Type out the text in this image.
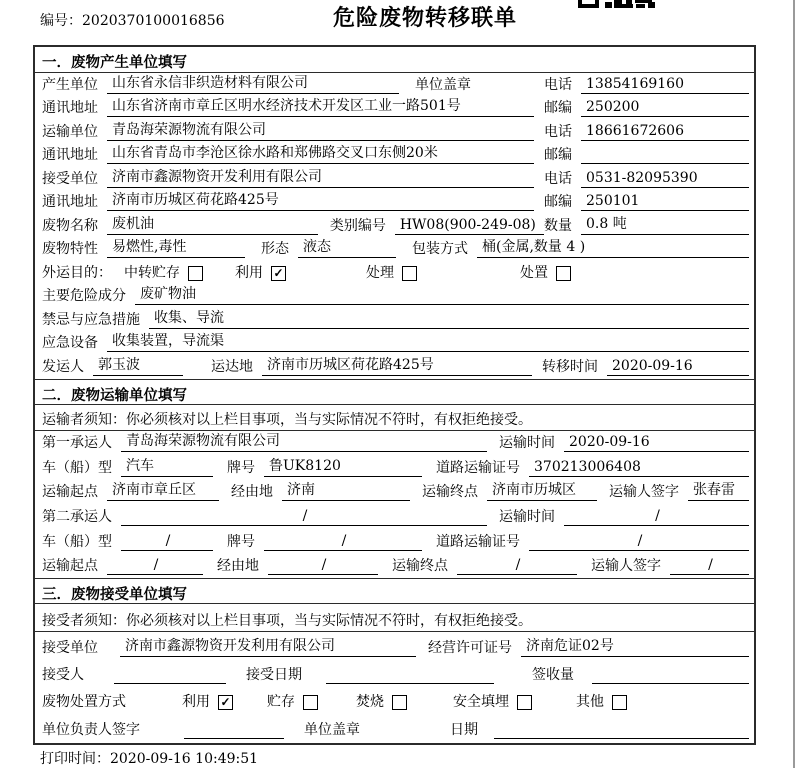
编号：2020370100016856	危险废物转移联单
一．废物产生单位填写
产生单位	山东省永信非织造材料有限公司	单位盖章	电话	13854169160
通讯地址	山东省济南市章丘区明水经济技术开发区工业一路501号	邮编	250200
运输单位	青岛海荣源物流有限公司	电话	18661672606
通讯地址	山东省青岛市李沧区徐水路和郑佛路交叉口东侧20米	邮编
接受单位	济南市鑫源物资开发利用有限公司	电话	0531-82095390
通讯地址	济南市历城区荷花路425号	邮编	250101
废物名称	废机油	类别编号	HW08(900-249-08) 数量	0.8 吨
废物特性	易燃性,毒性	形态	液态	包装方式	桶(金属,数量 4 )
外运目的： 中转贮存	利用 ✓	处理	处置
主要危险成分	废矿物油
禁忌与应急措施	收集、导流
应急设备	收集装置，导流渠
发运人	郭玉波	运达地	济南市历城区荷花路425号	转移时间	2020-09-16
二．废物运输单位填写
运输者须知：你必须核对以上栏目事项，当与实际情况不符时，有权拒绝接受。
第一承运人	青岛海荣源物流有限公司	运输时间	2020-09-16
车（船）型	汽车	牌号	鲁UK8120	道路运输证号	370213006408
运输起点	济南市章丘区	经由地	济南	运输终点	济南市历城区	运输人签字	张春雷
第二承运人	/	运输时间	/
车（船）型	/	牌号	/	道路运输证号	/
运输起点	/	经由地	/	运输终点	/	运输人签字	/
三．废物接受单位填写
接受者须知：你必须核对以上栏目事项，当与实际情况不符时，有权拒绝接受。
接受单位	济南市鑫源物资开发利用有限公司	经营许可证号	济南危证02号
接受人	接受日期	签收量
废物处置方式	利用 ✓	贮存	焚烧	安全填埋	其他
单位负责人签字	单位盖章	日期
打印时间：2020-09-16 10:49:51
